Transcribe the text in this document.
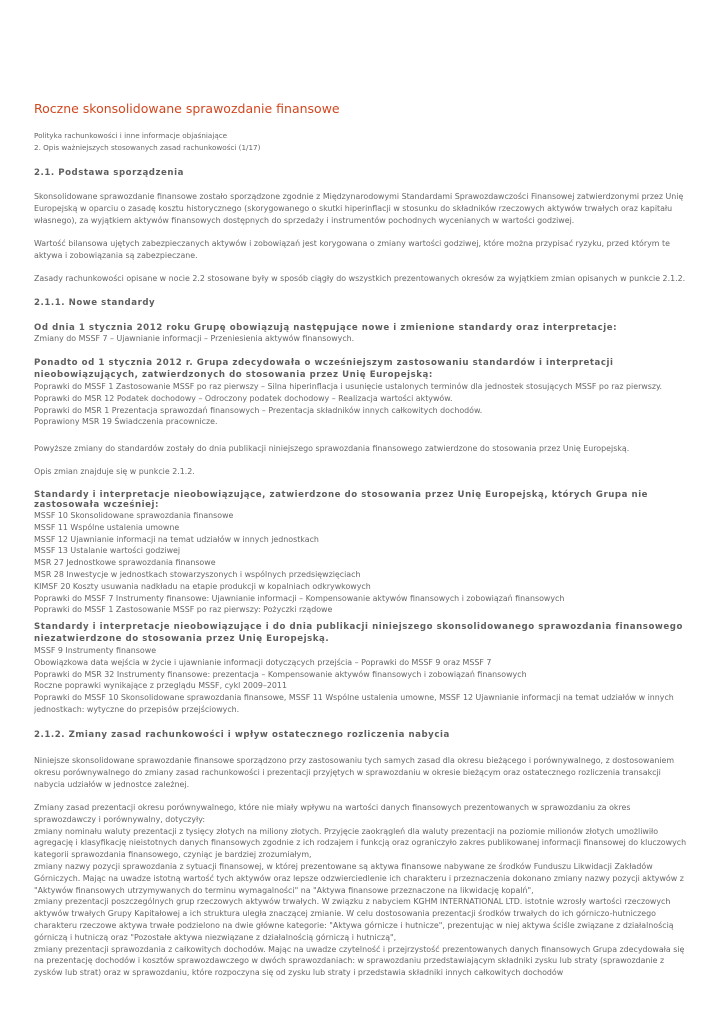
Roczne skonsolidowane sprawozdanie finansowe
Polityka rachunkowości i inne informacje objaśniające
2. Opis ważniejszych stosowanych zasad rachunkowości (1/17)
2.1. Podstawa sporządzenia

Skonsolidowane sprawozdanie finansowe zostało sporządzone zgodnie z Międzynarodowymi Standardami Sprawozdawczości Finansowej zatwierdzonymi przez Unię Europejską w oparciu o zasadę kosztu historycznego (skorygowanego o skutki hiperinflacji w stosunku do składników rzeczowych aktywów trwałych oraz kapitału własnego), za wyjątkiem aktywów finansowych dostępnych do sprzedaży i instrumentów pochodnych wycenianych w wartości godziwej.

Wartość bilansowa ujętych zabezpieczanych aktywów i zobowiązań jest korygowana o zmiany wartości godziwej, które można przypisać ryzyku, przed którym te aktywa i zobowiązania są zabezpieczane.

Zasady rachunkowości opisane w nocie 2.2 stosowane były w sposób ciągły do wszystkich prezentowanych okresów za wyjątkiem zmian opisanych w punkcie 2.1.2.

2.1.1. Nowe standardy
Od dnia 1 stycznia 2012 roku Grupę obowiązują następujące nowe i zmienione standardy oraz interpretacje:
Zmiany do MSSF 7 – Ujawnianie informacji – Przeniesienia aktywów finansowych.
Ponadto od 1 stycznia 2012 r. Grupa zdecydowała o wcześniejszym zastosowaniu standardów i interpretacji nieobowiązujących, zatwierdzonych do stosowania przez Unię Europejską:
Poprawki do MSSF 1 Zastosowanie MSSF po raz pierwszy – Silna hiperinflacja i usunięcie ustalonych terminów dla jednostek stosujących MSSF po raz pierwszy.
Poprawki do MSR 12 Podatek dochodowy – Odroczony podatek dochodowy – Realizacja wartości aktywów.
Poprawki do MSR 1 Prezentacja sprawozdań finansowych – Prezentacja składników innych całkowitych dochodów.
Poprawiony MSR 19 Świadczenia pracownicze.

Powyższe zmiany do standardów zostały do dnia publikacji niniejszego sprawozdania finansowego zatwierdzone do stosowania przez Unię Europejską.

Opis zmian znajduje się w punkcie 2.1.2.

Standardy i interpretacje nieobowiązujące, zatwierdzone do stosowania przez Unię Europejską, których Grupa nie zastosowała wcześniej:
MSSF 10 Skonsolidowane sprawozdania finansowe
MSSF 11 Wspólne ustalenia umowne
MSSF 12 Ujawnianie informacji na temat udziałów w innych jednostkach
MSSF 13 Ustalanie wartości godziwej
MSR 27 Jednostkowe sprawozdania finansowe
MSR 28 Inwestycje w jednostkach stowarzyszonych i wspólnych przedsięwzięciach
KIMSF 20 Koszty usuwania nadkładu na etapie produkcji w kopalniach odkrywkowych
Poprawki do MSSF 7 Instrumenty finansowe: Ujawnianie informacji – Kompensowanie aktywów finansowych i zobowiązań finansowych
Poprawki do MSSF 1 Zastosowanie MSSF po raz pierwszy: Pożyczki rządowe
Standardy i interpretacje nieobowiązujące i do dnia publikacji niniejszego skonsolidowanego sprawozdania finansowego niezatwierdzone do stosowania przez Unię Europejską.
MSSF 9 Instrumenty finansowe
Obowiązkowa data wejścia w życie i ujawnianie informacji dotyczących przejścia – Poprawki do MSSF 9 oraz MSSF 7
Poprawki do MSR 32 Instrumenty finansowe: prezentacja – Kompensowanie aktywów finansowych i zobowiązań finansowych
Roczne poprawki wynikające z przeglądu MSSF, cykl 2009–2011
Poprawki do MSSF 10 Skonsolidowane sprawozdania finansowe, MSSF 11 Wspólne ustalenia umowne, MSSF 12 Ujawnianie informacji na temat udziałów w innych jednostkach: wytyczne do przepisów przejściowych.
2.1.2. Zmiany zasad rachunkowości i wpływ ostatecznego rozliczenia nabycia

Niniejsze skonsolidowane sprawozdanie finansowe sporządzono przy zastosowaniu tych samych zasad dla okresu bieżącego i porównywalnego, z dostosowaniem okresu porównywalnego do zmiany zasad rachunkowości i prezentacji przyjętych w sprawozdaniu w okresie bieżącym oraz ostatecznego rozliczenia transakcji nabycia udziałów w jednostce zależnej.

Zmiany zasad prezentacji okresu porównywalnego, które nie miały wpływu na wartości danych finansowych prezentowanych w sprawozdaniu za okres sprawozdawczy i porównywalny, dotyczyły:
zmiany nominału waluty prezentacji z tysięcy złotych na miliony złotych. Przyjęcie zaokrągleń dla waluty prezentacji na poziomie milionów złotych umożliwiło agregację i klasyfikację nieistotnych danych finansowych zgodnie z ich rodzajem i funkcją oraz ograniczyło zakres publikowanej informacji finansowej do kluczowych kategorii sprawozdania finansowego, czyniąc je bardziej zrozumiałym,
zmiany nazwy pozycji sprawozdania z sytuacji finansowej, w której prezentowane są aktywa finansowe nabywane ze środków Funduszu Likwidacji Zakładów Górniczych. Mając na uwadze istotną wartość tych aktywów oraz lepsze odzwierciedlenie ich charakteru i przeznaczenia dokonano zmiany nazwy pozycji aktywów z "Aktywów finansowych utrzymywanych do terminu wymagalności" na "Aktywa finansowe przeznaczone na likwidację kopalń",
zmiany prezentacji poszczególnych grup rzeczowych aktywów trwałych. W związku z nabyciem KGHM INTERNATIONAL LTD. istotnie wzrosły wartości rzeczowych aktywów trwałych Grupy Kapitałowej a ich struktura uległa znaczącej zmianie. W celu dostosowania prezentacji środków trwałych do ich górniczo-hutniczego charakteru rzeczowe aktywa trwałe podzielono na dwie główne kategorie: "Aktywa górnicze i hutnicze", prezentując w niej aktywa ściśle związane z działalnością górniczą i hutniczą oraz "Pozostałe aktywa niezwiązane z działalnością górniczą i hutniczą",
zmiany prezentacji sprawozdania z całkowitych dochodów. Mając na uwadze czytelność i przejrzystość prezentowanych danych finansowych Grupa zdecydowała się na prezentację dochodów i kosztów sprawozdawczego w dwóch sprawozdaniach: w sprawozdaniu przedstawiającym składniki zysku lub straty (sprawozdanie z zysków lub strat) oraz w sprawozdaniu, które rozpoczyna się od zysku lub straty i przedstawia składniki innych całkowitych dochodów
